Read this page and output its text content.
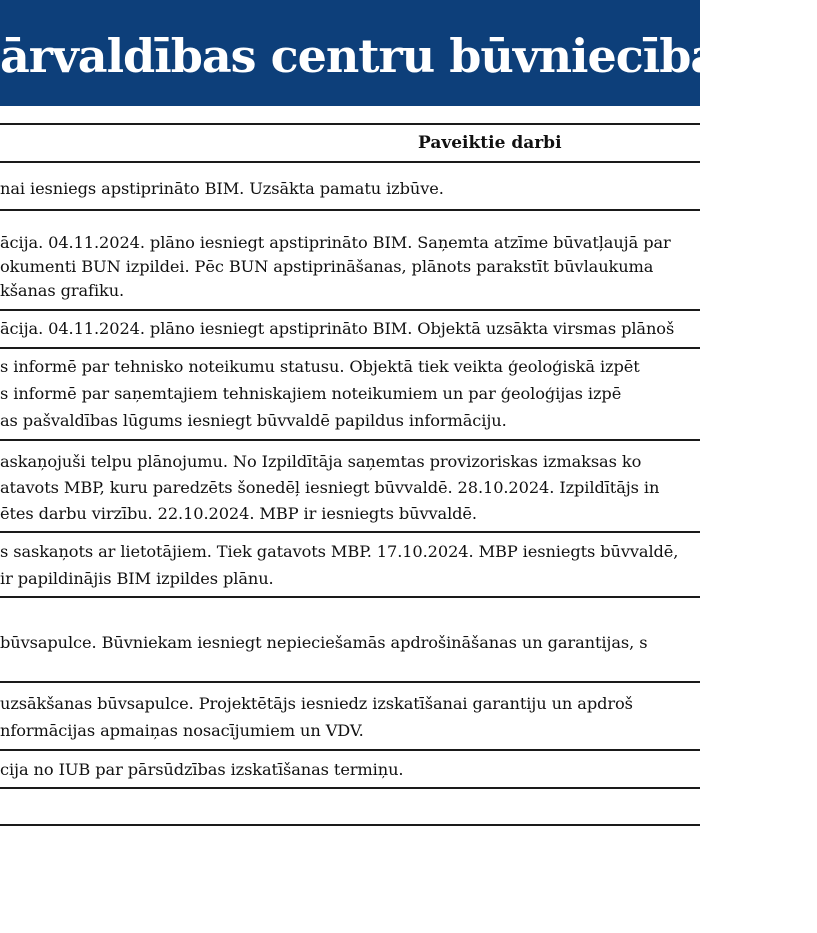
ārvaldības centru būvniecība (14
Paveiktie darbi
nai iesniegs apstiprināto BIM. Uzsākta pamatu izbūve.
ācija. 04.11.2024. plāno iesniegt apstiprināto BIM. Saņemta atzīme būvatļaujā par
okumenti BUN izpildei. Pēc BUN apstiprināšanas, plānots parakstīt būvlaukuma
kšanas grafiku.
ācija. 04.11.2024. plāno iesniegt apstiprināto BIM. Objektā uzsākta virsmas plānoš
s informē par tehnisko noteikumu statusu. Objektā tiek veikta ģeoloģiskā izpēt
s informē par saņemtajiem tehniskajiem noteikumiem un par ģeoloģijas izpē
as pašvaldības lūgums iesniegt būvvaldē papildus informāciju.
askaņojuši telpu plānojumu. No Izpildītāja saņemtas provizoriskas izmaksas ko
atavots MBP, kuru paredzēts šonedēļ iesniegt būvvaldē. 28.10.2024. Izpildītājs in
ētes darbu virzību. 22.10.2024. MBP ir iesniegts būvvaldē.
s saskaņots ar lietotājiem. Tiek gatavots MBP. 17.10.2024. MBP iesniegts būvvaldē,
ir papildinājis BIM izpildes plānu.
būvsapulce. Būvniekam iesniegt nepieciešamās apdrošināšanas un garantijas, s
uzsākšanas būvsapulce. Projektētājs iesniedz izskatīšanai garantiju un apdroš
nformācijas apmaiņas nosacījumiem un VDV.
cija no IUB par pārsūdzības izskatīšanas termiņu.
